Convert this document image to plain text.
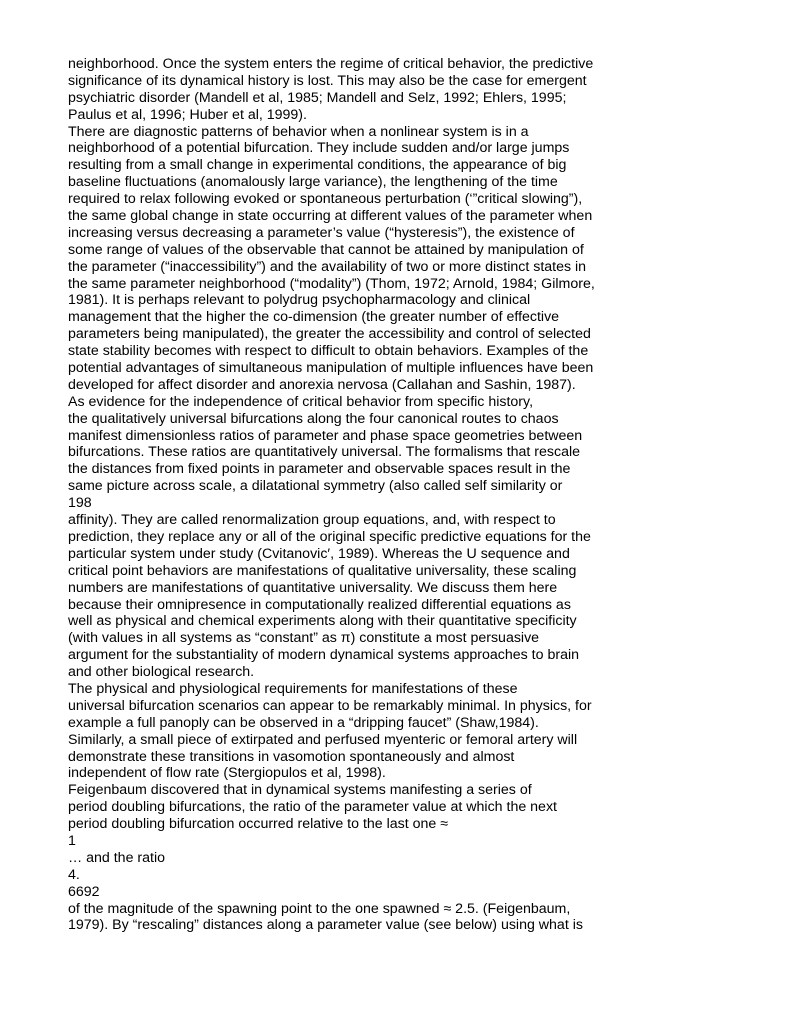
neighborhood. Once the system enters the regime of critical behavior, the predictive
significance of its dynamical history is lost. This may also be the case for emergent
psychiatric disorder (Mandell et al, 1985; Mandell and Selz, 1992; Ehlers, 1995;
Paulus et al, 1996; Huber et al, 1999).
There are diagnostic patterns of behavior when a nonlinear system is in a
neighborhood of a potential bifurcation. They include sudden and/or large jumps
resulting from a small change in experimental conditions, the appearance of big
baseline fluctuations (anomalously large variance), the lengthening of the time
required to relax following evoked or spontaneous perturbation (‘”critical slowing”),
the same global change in state occurring at different values of the parameter when
increasing versus decreasing a parameter’s value (“hysteresis”), the existence of
some range of values of the observable that cannot be attained by manipulation of
the parameter (“inaccessibility”) and the availability of two or more distinct states in
the same parameter neighborhood (“modality”) (Thom, 1972; Arnold, 1984; Gilmore,
1981). It is perhaps relevant to polydrug psychopharmacology and clinical
management that the higher the co-dimension (the greater number of effective
parameters being manipulated), the greater the accessibility and control of selected
state stability becomes with respect to difficult to obtain behaviors. Examples of the
potential advantages of simultaneous manipulation of multiple influences have been
developed for affect disorder and anorexia nervosa (Callahan and Sashin, 1987).
As evidence for the independence of critical behavior from specific history,
the qualitatively universal bifurcations along the four canonical routes to chaos
manifest dimensionless ratios of parameter and phase space geometries between
bifurcations. These ratios are quantitatively universal. The formalisms that rescale
the distances from fixed points in parameter and observable spaces result in the
same picture across scale, a dilatational symmetry (also called self similarity or
198
affinity). They are called renormalization group equations, and, with respect to
prediction, they replace any or all of the original specific predictive equations for the
particular system under study (Cvitanovic′, 1989). Whereas the U sequence and
critical point behaviors are manifestations of qualitative universality, these scaling
numbers are manifestations of quantitative universality. We discuss them here
because their omnipresence in computationally realized differential equations as
well as physical and chemical experiments along with their quantitative specificity
(with values in all systems as “constant” as π) constitute a most persuasive
argument for the substantiality of modern dynamical systems approaches to brain
and other biological research.
The physical and physiological requirements for manifestations of these
universal bifurcation scenarios can appear to be remarkably minimal. In physics, for
example a full panoply can be observed in a “dripping faucet” (Shaw,1984).
Similarly, a small piece of extirpated and perfused myenteric or femoral artery will
demonstrate these transitions in vasomotion spontaneously and almost
independent of flow rate (Stergiopulos et al, 1998).
Feigenbaum discovered that in dynamical systems manifesting a series of
period doubling bifurcations, the ratio of the parameter value at which the next
period doubling bifurcation occurred relative to the last one ≈
1
… and the ratio
4.
6692
of the magnitude of the spawning point to the one spawned ≈ 2.5. (Feigenbaum,
1979). By “rescaling” distances along a parameter value (see below) using what is
